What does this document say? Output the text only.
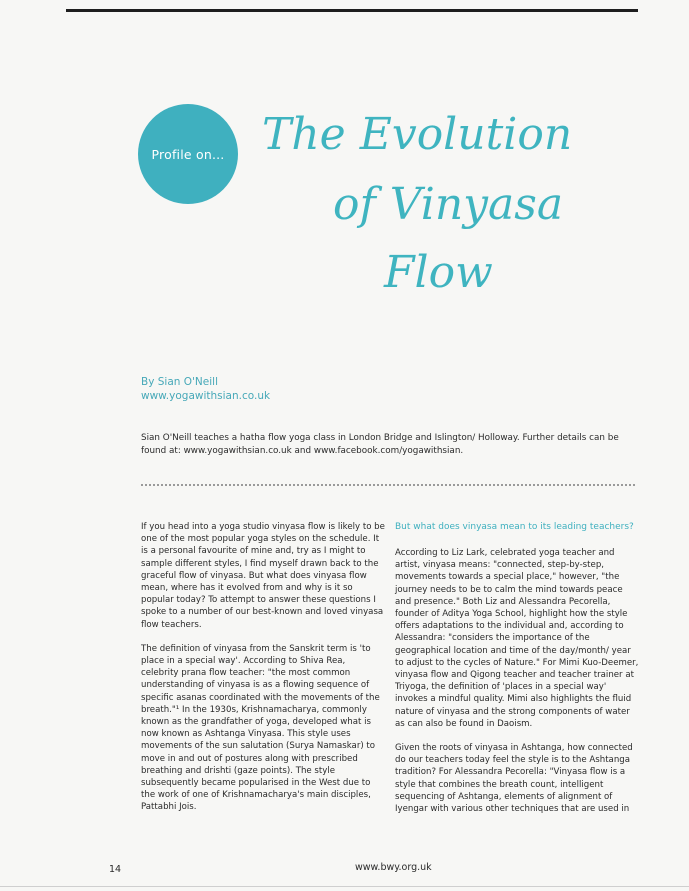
Profile on... The Evolution
of Vinyasa
Flow
By Sian O'Neill
www.yogawithsian.co.uk
Sian O'Neill teaches a hatha flow yoga class in London Bridge and Islington/ Holloway. Further details can be found at: www.yogawithsian.co.uk and www.facebook.com/yogawithsian.

If you head into a yoga studio vinyasa flow is likely to be one of the most popular yoga styles on the schedule. It is a personal favourite of mine and, try as I might to sample different styles, I find myself drawn back to the graceful flow of vinyasa. But what does vinyasa flow mean, where has it evolved from and why is it so popular today? To attempt to answer these questions I spoke to a number of our best-known and loved vinyasa flow teachers.

The definition of vinyasa from the Sanskrit term is 'to place in a special way'. According to Shiva Rea, celebrity prana flow teacher: "the most common understanding of vinyasa is as a flowing sequence of specific asanas coordinated with the movements of the breath."¹ In the 1930s, Krishnamacharya, commonly known as the grandfather of yoga, developed what is now known as Ashtanga Vinyasa. This style uses movements of the sun salutation (Surya Namaskar) to move in and out of postures along with prescribed breathing and drishti (gaze points). The style subsequently became popularised in the West due to the work of one of Krishnamacharya's main disciples, Pattabhi Jois.

But what does vinyasa mean to its leading teachers?

According to Liz Lark, celebrated yoga teacher and artist, vinyasa means: "connected, step-by-step, movements towards a special place," however, "the journey needs to be to calm the mind towards peace and presence." Both Liz and Alessandra Pecorella, founder of Aditya Yoga School, highlight how the style offers adaptations to the individual and, according to Alessandra: "considers the importance of the geographical location and time of the day/month/ year to adjust to the cycles of Nature." For Mimi Kuo-Deemer, vinyasa flow and Qigong teacher and teacher trainer at Triyoga, the definition of 'places in a special way' invokes a mindful quality. Mimi also highlights the fluid nature of vinyasa and the strong components of water as can also be found in Daoism.

Given the roots of vinyasa in Ashtanga, how connected do our teachers today feel the style is to the Ashtanga tradition? For Alessandra Pecorella: "Vinyasa flow is a style that combines the breath count, intelligent sequencing of Ashtanga, elements of alignment of Iyengar with various other techniques that are used in

14	www.bwy.org.uk
